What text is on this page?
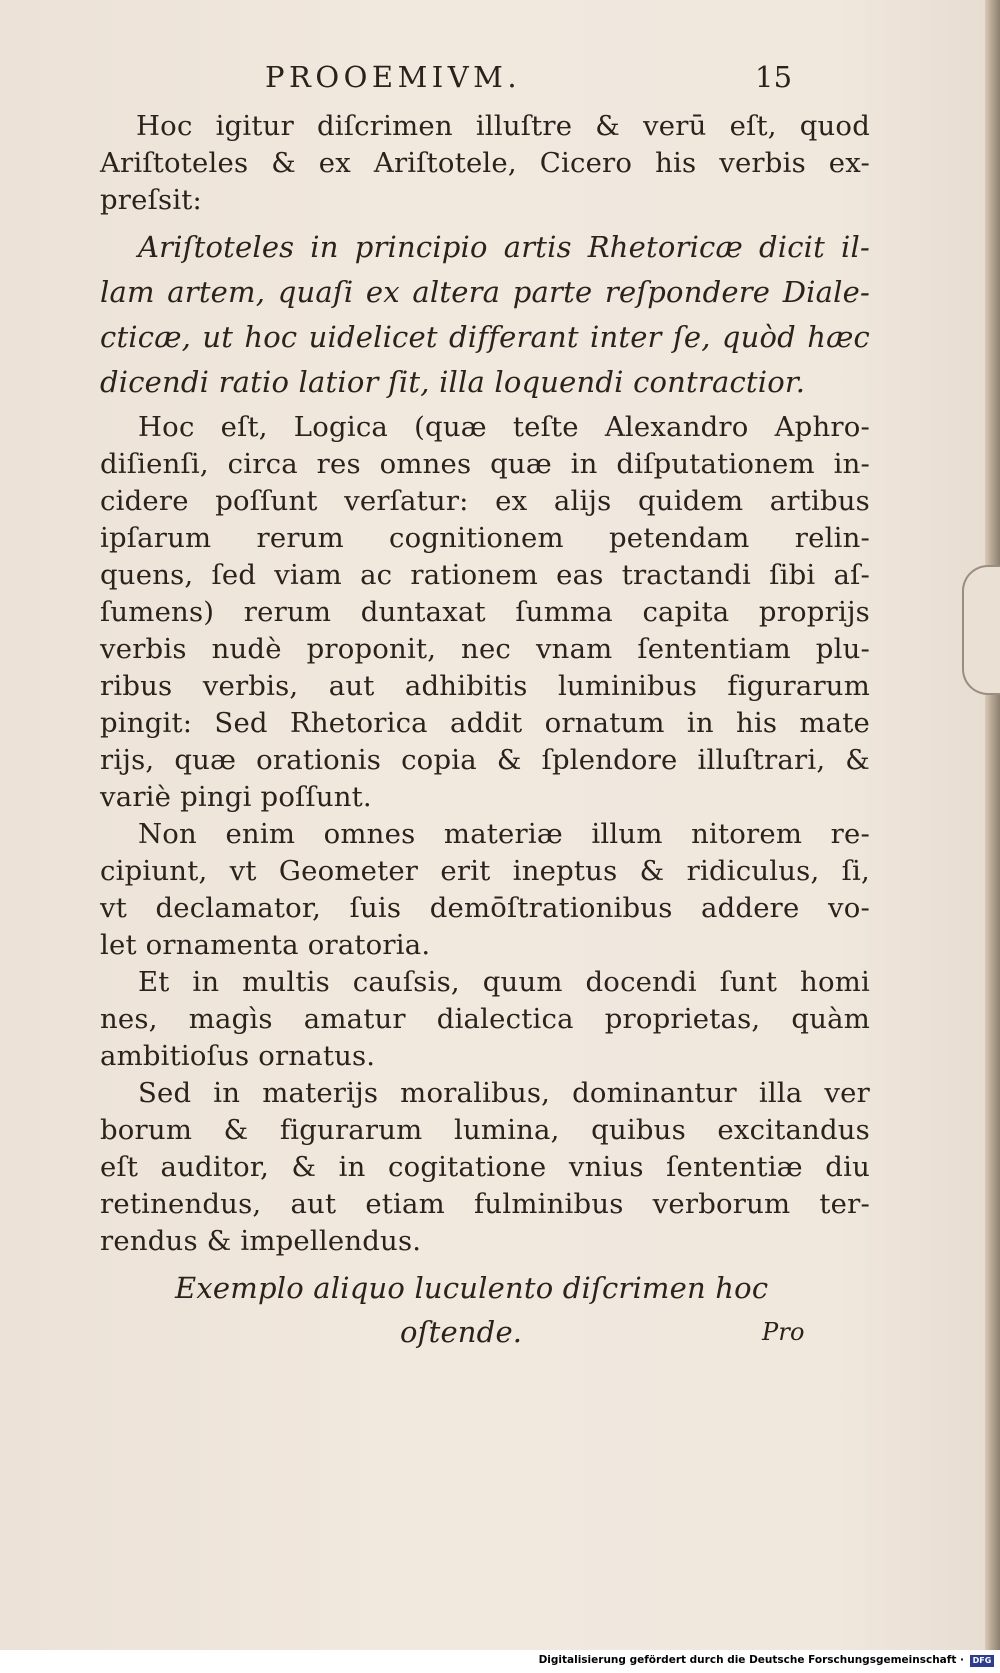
PROOEMIVM.	15
Hoc igitur diſcrimen illuſtre & verū eſt, quod
Ariſtoteles & ex Ariſtotele, Cicero his verbis ex-
preſsit:
Ariſtoteles in principio artis Rhetoricæ dicit il-
lam artem, quaſi ex altera parte reſpondere Diale-
cticæ, ut hoc uidelicet differant inter ſe, quòd hæc
dicendi ratio latior ſit, illa loquendi contractior.
Hoc eſt, Logica (quæ teſte Alexandro Aphro-
diſienſi, circa res omnes quæ in diſputationem in-
cidere poſſunt verſatur: ex alijs quidem artibus
ipſarum rerum cognitionem petendam relin-
quens, ſed viam ac rationem eas tractandi ſibi aſ-
ſumens) rerum duntaxat ſumma capita proprijs
verbis nudè proponit, nec vnam ſententiam plu-
ribus verbis, aut adhibitis luminibus figurarum
pingit: Sed Rhetorica addit ornatum in his mate
rijs, quæ orationis copia & ſplendore illuſtrari, &
variè pingi poſſunt.
Non enim omnes materiæ illum nitorem re-
cipiunt, vt Geometer erit ineptus & ridiculus, ſi,
vt declamator, ſuis demōſtrationibus addere vo-
let ornamenta oratoria.
Et in multis cauſsis, quum docendi ſunt homi
nes, magìs amatur dialectica proprietas, quàm
ambitioſus ornatus.
Sed in materijs moralibus, dominantur illa ver
borum & figurarum lumina, quibus excitandus
eſt auditor, & in cogitatione vnius ſententiæ diu
retinendus, aut etiam fulminibus verborum ter-
rendus & impellendus.
Exemplo aliquo luculento diſcrimen hoc
oſtende.	Pro
Digitalisierung gefördert durch die Deutsche Forschungsgemeinschaft ·	DFG
